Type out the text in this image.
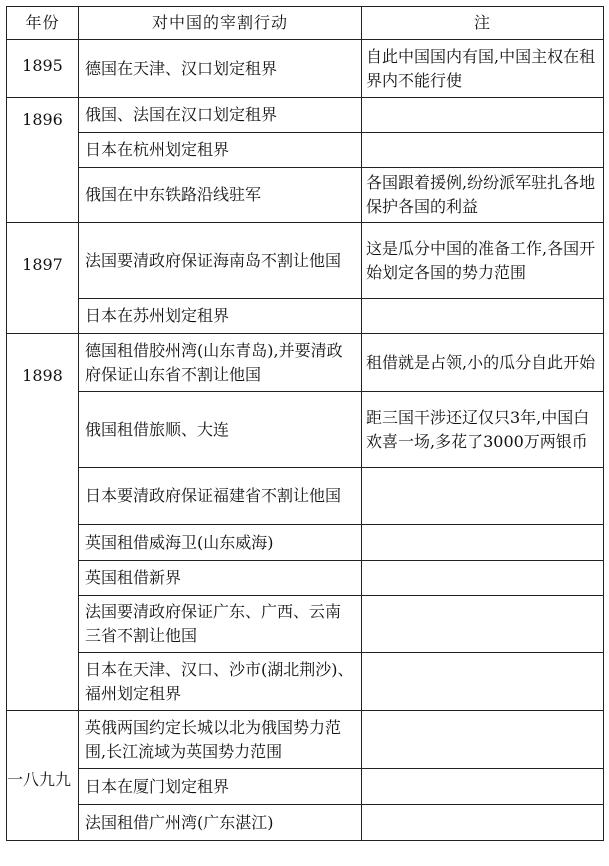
年份	对中国的宰割行动	注
1895	德国在天津、汉口划定租界	自此中国国内有国,中国主权在租界内不能行使
1896	俄国、法国在汉口划定租界	
	日本在杭州划定租界	
	俄国在中东铁路沿线驻军	各国跟着援例,纷纷派军驻扎各地保护各国的利益
1897	法国要清政府保证海南岛不割让他国	这是瓜分中国的准备工作,各国开始划定各国的势力范围
	日本在苏州划定租界	
1898	德国租借胶州湾(山东青岛),并要清政府保证山东省不割让他国	租借就是占领,小的瓜分自此开始
	俄国租借旅顺、大连	距三国干涉还辽仅只3年,中国白欢喜一场,多花了3000万两银币
	日本要清政府保证福建省不割让他国	
	英国租借威海卫(山东威海)	
	英国租借新界	
	法国要清政府保证广东、广西、云南三省不割让他国	
	日本在天津、汉口、沙市(湖北荆沙)、福州划定租界	
一八九九	英俄两国约定长城以北为俄国势力范围,长江流域为英国势力范围	
	日本在厦门划定租界	
	法国租借广州湾(广东湛江)	
